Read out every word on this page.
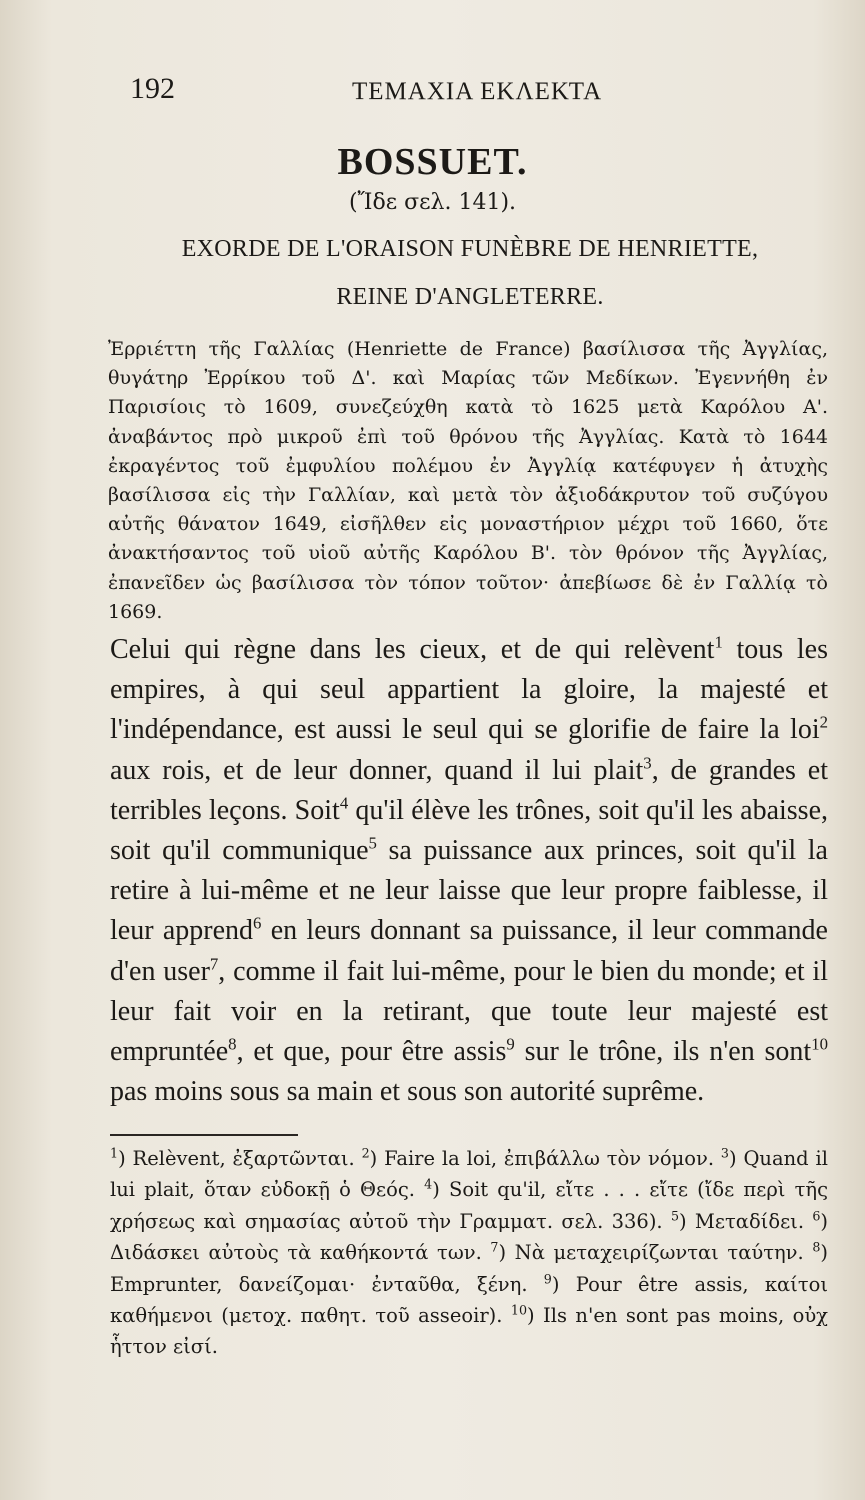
192	ΤΕΜΑΧΙΑ ΕΚΛΕΚΤΑ
BOSSUET.
(Ἴδε σελ. 141).
EXORDE DE L'ORAISON FUNÈBRE DE HENRIETTE,
REINE D'ANGLETERRE.
Ἐρριέττη τῆς Γαλλίας (Henriette de France) βασίλισσα τῆς Ἀγγλίας, θυγάτηρ Ἐρρίκου τοῦ Δ'. καὶ Μαρίας τῶν Μεδίκων. Ἐγεννήθη ἐν Παρισίοις τὸ 1609, συνεζεύχθη κατὰ τὸ 1625 μετὰ Καρόλου Α'. ἀναβάντος πρὸ μικροῦ ἐπὶ τοῦ θρόνου τῆς Ἀγγλίας. Κατὰ τὸ 1644 ἐκραγέντος τοῦ ἐμφυλίου πολέμου ἐν Ἀγγλίᾳ κατέφυγεν ἡ ἀτυχὴς βασίλισσα εἰς τὴν Γαλλίαν, καὶ μετὰ τὸν ἀξιοδάκρυτον τοῦ συζύγου αὐτῆς θάνατον 1649, εἰσῆλθεν εἰς μοναστήριον μέχρι τοῦ 1660, ὅτε ἀνακτήσαντος τοῦ υἱοῦ αὐτῆς Καρόλου Β'. τὸν θρόνον τῆς Ἀγγλίας, ἐπανεῖδεν ὡς βασίλισσα τὸν τόπον τοῦτον· ἀπεβίωσε δὲ ἐν Γαλλίᾳ τὸ 1669.
Celui qui règne dans les cieux, et de qui relèvent$^1$ tous les empires, à qui seul appartient la gloire, la majesté et l'indépendance, est aussi le seul qui se glorifie de faire la loi$^2$ aux rois, et de leur donner, quand il lui plait$^3$, de grandes et terribles leçons. Soit$^4$ qu'il élève les trônes, soit qu'il les abaisse, soit qu'il communique$^5$ sa puissance aux princes, soit qu'il la retire à lui-même et ne leur laisse que leur propre faiblesse, il leur apprend$^6$ en leurs donnant sa puissance, il leur commande d'en user$^7$, comme il fait lui-même, pour le bien du monde; et il leur fait voir en la retirant, que toute leur majesté est empruntée$^8$, et que, pour être assis$^9$ sur le trône, ils n'en sont$^{10}$ pas moins sous sa main et sous son autorité suprême.
$^1$) Relèvent, ἐξαρτῶνται. $^2$) Faire la loi, ἐπιβάλλω τὸν νόμον. $^3$) Quand il lui plait, ὅταν εὐδοκῇ ὁ Θεός. $^4$) Soit qu'il, εἴτε . . . εἴτε (ἴδε περὶ τῆς χρήσεως καὶ σημασίας αὐτοῦ τὴν Γραμματ. σελ. 336). $^5$) Μεταδίδει. $^6$) Διδάσκει αὐτοὺς τὰ καθήκοντά των. $^7$) Νὰ μεταχειρίζωνται ταύτην. $^8$) Emprunter, δανείζομαι· ἐνταῦθα, ξένη. $^9$) Pour être assis, καίτοι καθήμενοι (μετοχ. παθητ. τοῦ asseoir). $^{10}$) Ils n'en sont pas moins, οὐχ ἧττον εἰσί.
